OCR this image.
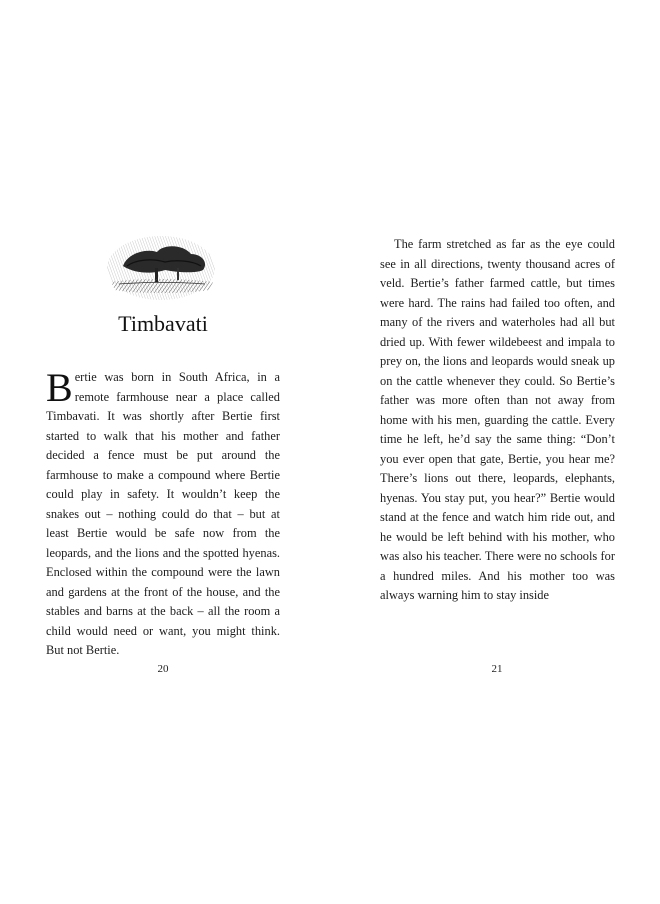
Timbavati
Bertie was born in South Africa, in a remote farmhouse near a place called Timbavati. It was shortly after Bertie first started to walk that his mother and father decided a fence must be put around the farmhouse to make a compound where Bertie could play in safety. It wouldn’t keep the snakes out – nothing could do that – but at least Bertie would be safe now from the leopards, and the lions and the spotted hyenas. Enclosed within the compound were the lawn and gardens at the front of the house, and the stables and barns at the back – all the room a child would need or want, you might think. But not Bertie.
20

The farm stretched as far as the eye could see in all directions, twenty thousand acres of veld. Bertie’s father farmed cattle, but times were hard. The rains had failed too often, and many of the rivers and waterholes had all but dried up. With fewer wildebeest and impala to prey on, the lions and leopards would sneak up on the cattle whenever they could. So Bertie’s father was more often than not away from home with his men, guarding the cattle. Every time he left, he’d say the same thing: “Don’t you ever open that gate, Bertie, you hear me? There’s lions out there, leopards, elephants, hyenas. You stay put, you hear?” Bertie would stand at the fence and watch him ride out, and he would be left behind with his mother, who was also his teacher. There were no schools for a hundred miles. And his mother too was always warning him to stay inside

21
